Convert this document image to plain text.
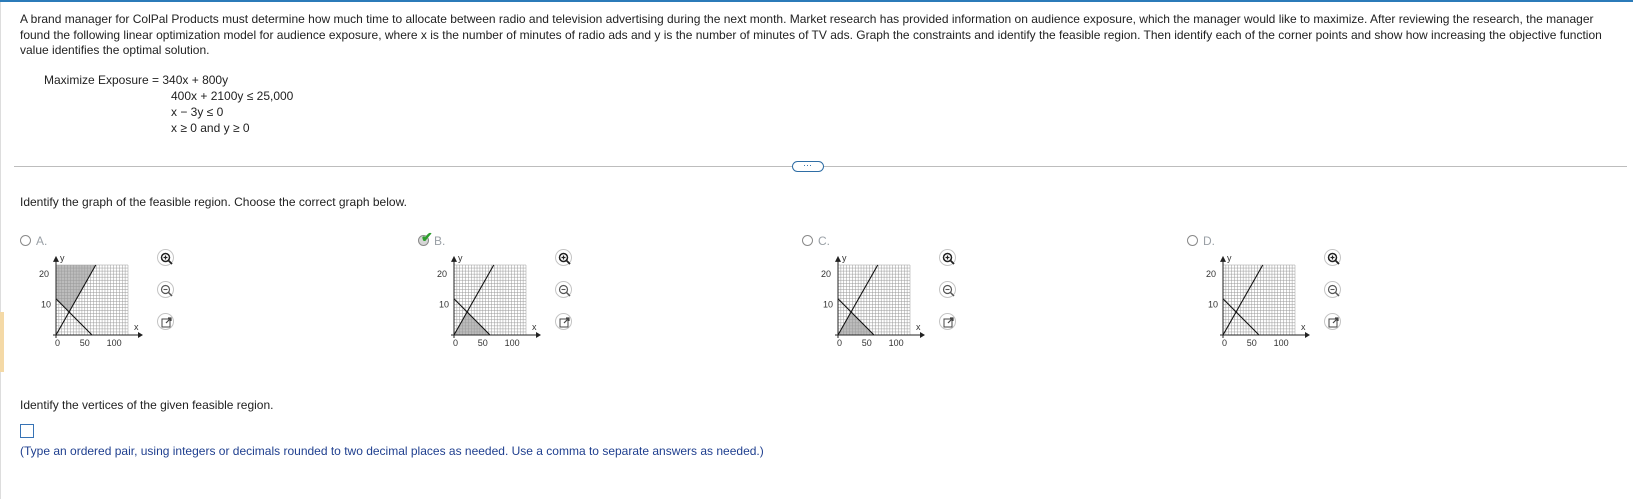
A brand manager for ColPal Products must determine how much time to allocate between radio and television advertising during the next month. Market research has provided information on audience exposure, which the manager would like to maximize. After reviewing the research, the manager found the following linear optimization model for audience exposure, where x is the number of minutes of radio ads and y is the number of minutes of TV ads. Graph the constraints and identify the feasible region. Then identify each of the corner points and show how increasing the objective function value identifies the optimal solution.

Maximize Exposure = 340x + 800y
400x + 2100y ≤ 25,000
x − 3y ≤ 0
x ≥ 0 and y ≥ 0
⋯

Identify the graph of the feasible region. Choose the correct graph below.

A.
y
x
20
10
0 50 100
✔ B.
y
x
20
10
0 50 100
C.
y
x
20
10
0 50 100
D.
y
x
20
10
0 50 100

Identify the vertices of the given feasible region.

(Type an ordered pair, using integers or decimals rounded to two decimal places as needed. Use a comma to separate answers as needed.)
